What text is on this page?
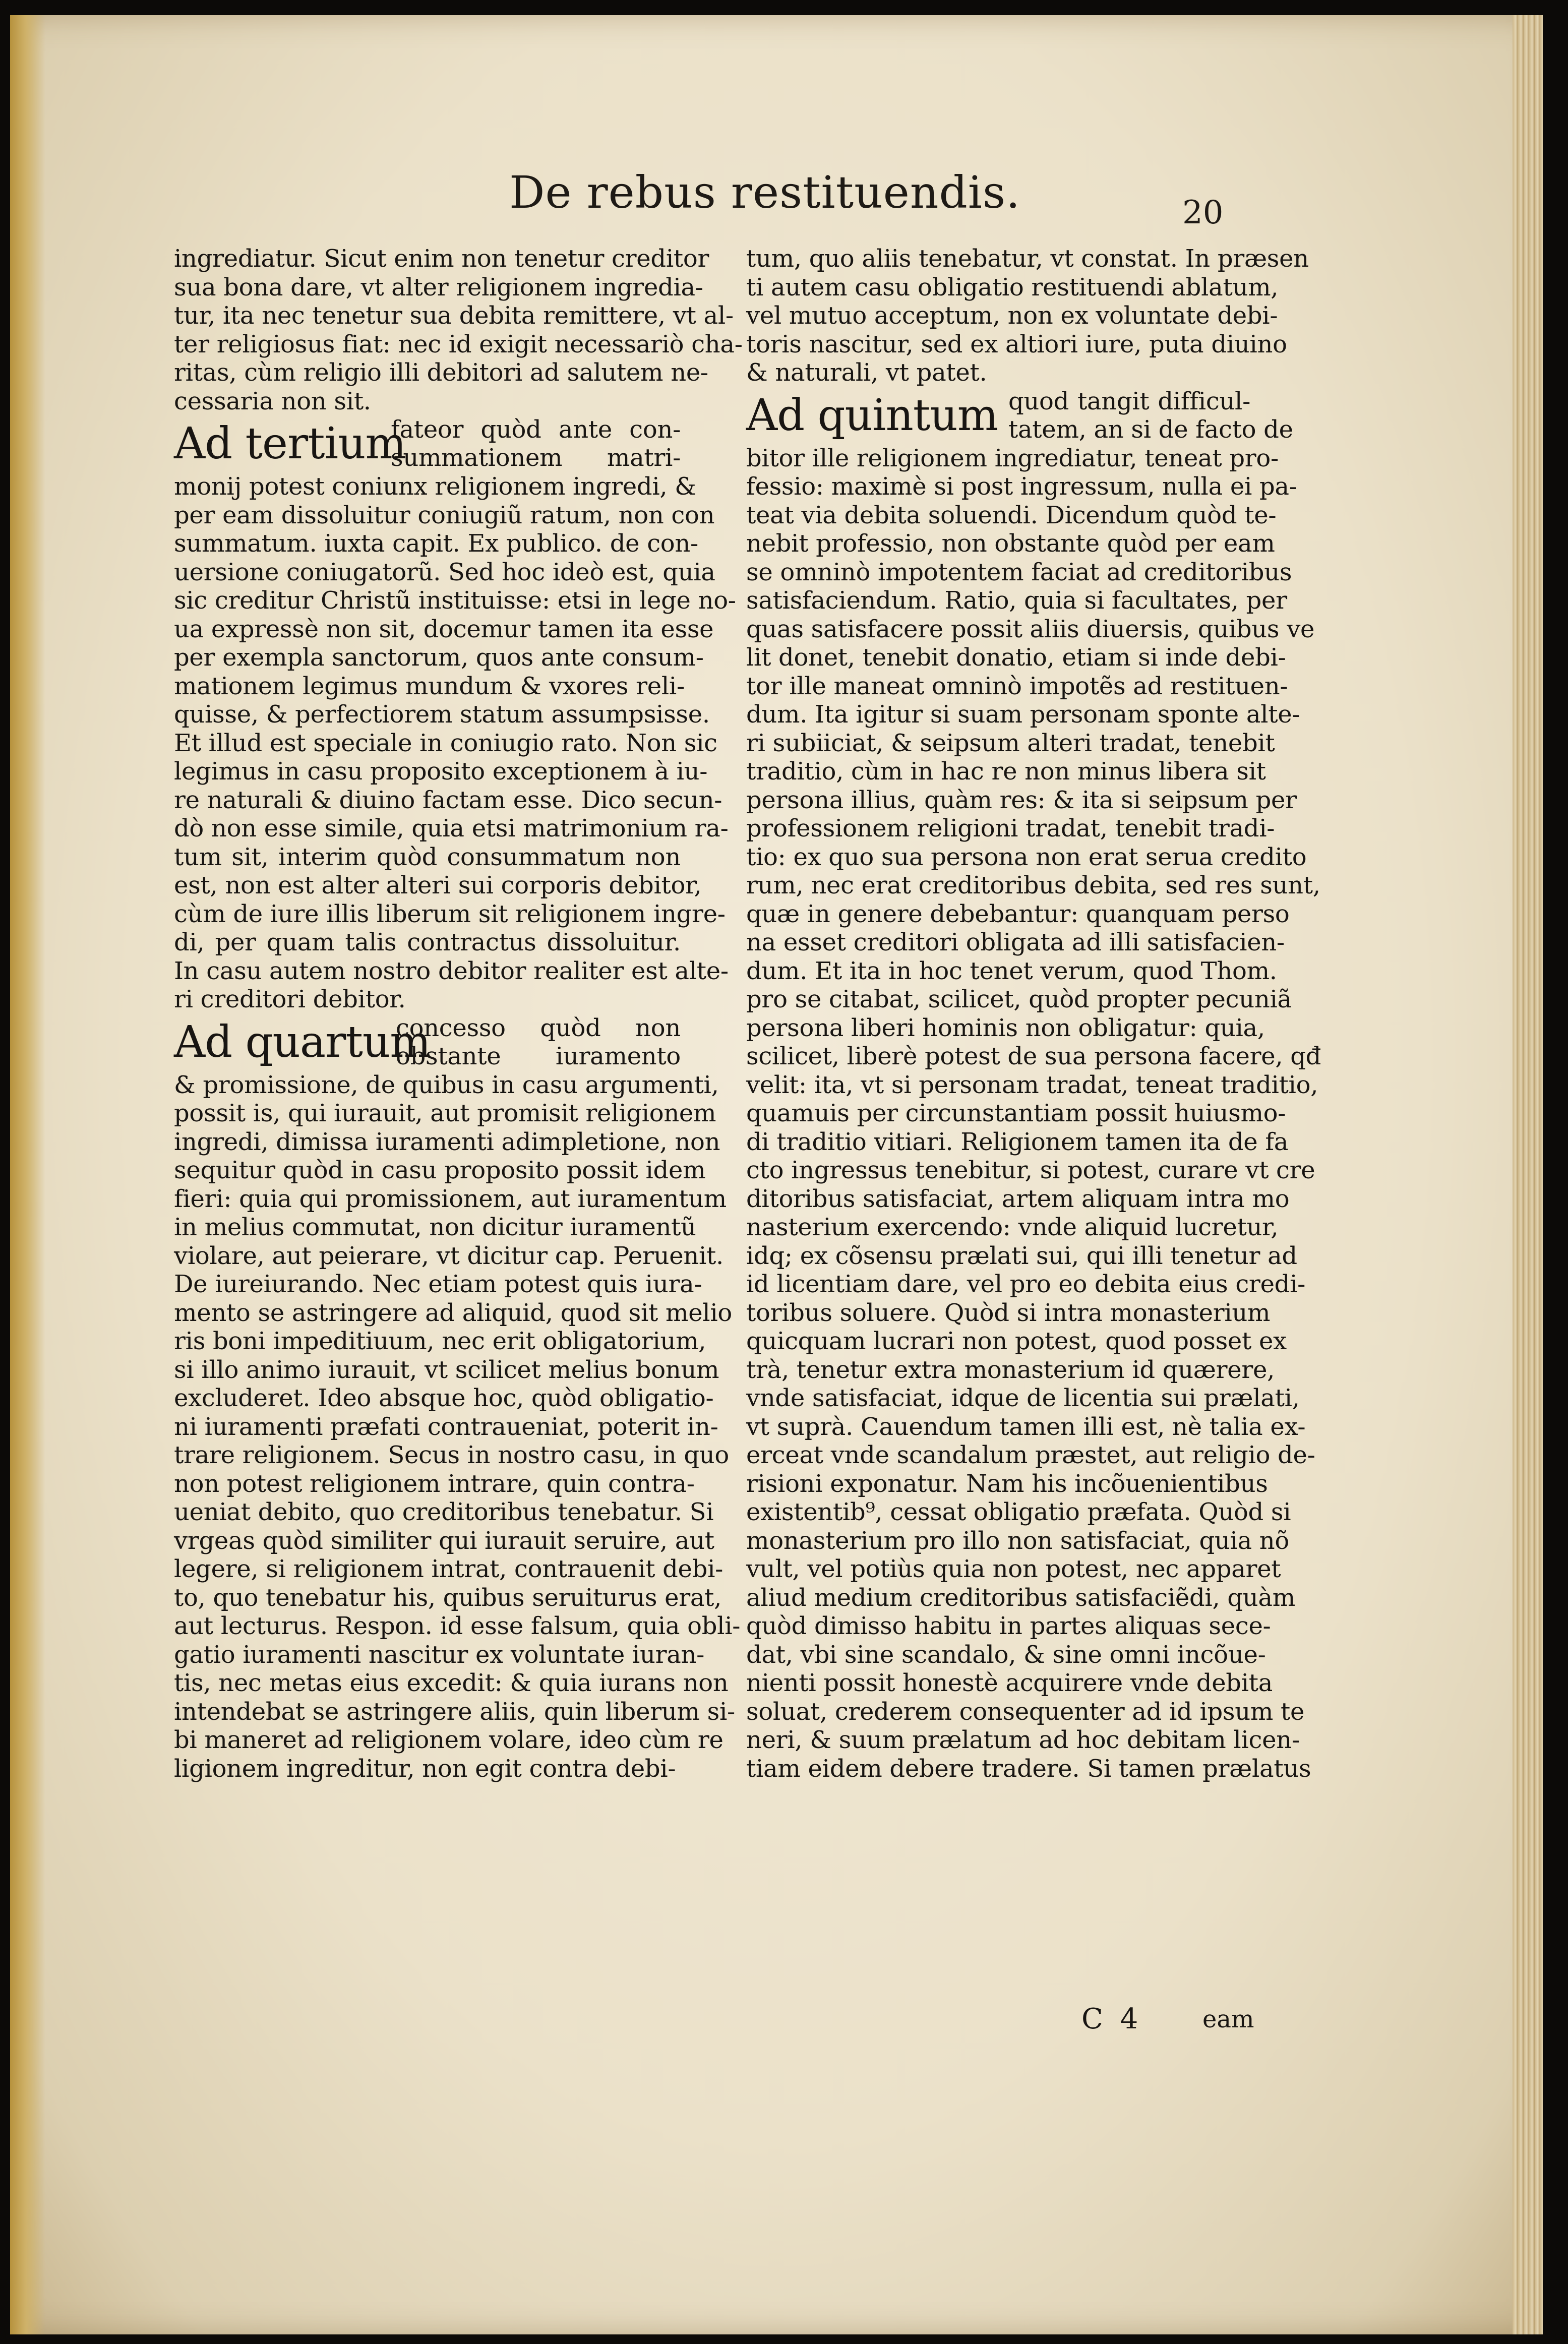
De rebus restituendis.	20
ingrediatur. Sicut enim non tenetur creditor
sua bona dare, vt alter religionem ingredia-
tur, ita nec tenetur sua debita remittere, vt al-
ter religiosus fiat: nec id exigit necessariò cha-
ritas, cùm religio illi debitori ad salutem ne-
cessaria non sit.
Ad tertium
fateor quòd ante con-
summationem matri-
monij potest coniunx religionem ingredi, &
per eam dissoluitur coniugiũ ratum, non con
summatum. iuxta capit. Ex publico. de con-
uersione coniugatorũ. Sed hoc ideò est, quia
sic creditur Christũ instituisse: etsi in lege no-
ua expressè non sit, docemur tamen ita esse
per exempla sanctorum, quos ante consum-
mationem legimus mundum & vxores reli-
quisse, & perfectiorem statum assumpsisse.
Et illud est speciale in coniugio rato. Non sic
legimus in casu proposito exceptionem à iu-
re naturali & diuino factam esse. Dico secun-
dò non esse simile, quia etsi matrimonium ra-
tum sit, interim quòd consummatum non
est, non est alter alteri sui corporis debitor,
cùm de iure illis liberum sit religionem ingre-
di, per quam talis contractus dissoluitur.
In casu autem nostro debitor realiter est alte-
ri creditori debitor.
Ad quartum
concesso quòd non
obstante iuramento
& promissione, de quibus in casu argumenti,
possit is, qui iurauit, aut promisit religionem
ingredi, dimissa iuramenti adimpletione, non
sequitur quòd in casu proposito possit idem
fieri: quia qui promissionem, aut iuramentum
in melius commutat, non dicitur iuramentũ
violare, aut peierare, vt dicitur cap. Peruenit.
De iureiurando. Nec etiam potest quis iura-
mento se astringere ad aliquid, quod sit melio
ris boni impeditiuum, nec erit obligatorium,
si illo animo iurauit, vt scilicet melius bonum
excluderet. Ideo absque hoc, quòd obligatio-
ni iuramenti præfati contraueniat, poterit in-
trare religionem. Secus in nostro casu, in quo
non potest religionem intrare, quin contra-
ueniat debito, quo creditoribus tenebatur. Si
vrgeas quòd similiter qui iurauit seruire, aut
legere, si religionem intrat, contrauenit debi-
to, quo tenebatur his, quibus seruiturus erat,
aut lecturus. Respon. id esse falsum, quia obli-
gatio iuramenti nascitur ex voluntate iuran-
tis, nec metas eius excedit: & quia iurans non
intendebat se astringere aliis, quin liberum si-
bi maneret ad religionem volare, ideo cùm re
ligionem ingreditur, non egit contra debi-
tum, quo aliis tenebatur, vt constat. In præsen
ti autem casu obligatio restituendi ablatum,
vel mutuo acceptum, non ex voluntate debi-
toris nascitur, sed ex altiori iure, puta diuino
& naturali, vt patet.
Ad quintum quod tangit difficul-
tatem, an si de facto de
bitor ille religionem ingrediatur, teneat pro-
fessio: maximè si post ingressum, nulla ei pa-
teat via debita soluendi. Dicendum quòd te-
nebit professio, non obstante quòd per eam
se omninò impotentem faciat ad creditoribus
satisfaciendum. Ratio, quia si facultates, per
quas satisfacere possit aliis diuersis, quibus ve
lit donet, tenebit donatio, etiam si inde debi-
tor ille maneat omninò impotẽs ad restituen-
dum. Ita igitur si suam personam sponte alte-
ri subiiciat, & seipsum alteri tradat, tenebit
traditio, cùm in hac re non minus libera sit
persona illius, quàm res: & ita si seipsum per
professionem religioni tradat, tenebit tradi-
tio: ex quo sua persona non erat serua credito
rum, nec erat creditoribus debita, sed res sunt,
quæ in genere debebantur: quanquam perso
na esset creditori obligata ad illi satisfacien-
dum. Et ita in hoc tenet verum, quod Thom.
pro se citabat, scilicet, quòd propter pecuniã
persona liberi hominis non obligatur: quia,
scilicet, liberè potest de sua persona facere, qđ
velit: ita, vt si personam tradat, teneat traditio,
quamuis per circunstantiam possit huiusmo-
di traditio vitiari. Religionem tamen ita de fa
cto ingressus tenebitur, si potest, curare vt cre
ditoribus satisfaciat, artem aliquam intra mo
nasterium exercendo: vnde aliquid lucretur,
idq; ex cõsensu prælati sui, qui illi tenetur ad
id licentiam dare, vel pro eo debita eius credi-
toribus soluere. Quòd si intra monasterium
quicquam lucrari non potest, quod posset ex
trà, tenetur extra monasterium id quærere,
vnde satisfaciat, idque de licentia sui prælati,
vt suprà. Cauendum tamen illi est, nè talia ex-
erceat vnde scandalum præstet, aut religio de-
risioni exponatur. Nam his incõuenientibus
existentib⁹, cessat obligatio præfata. Quòd si
monasterium pro illo non satisfaciat, quia nõ
vult, vel potiùs quia non potest, nec apparet
aliud medium creditoribus satisfaciẽdi, quàm
quòd dimisso habitu in partes aliquas sece-
dat, vbi sine scandalo, & sine omni incõue-
nienti possit honestè acquirere vnde debita
soluat, crederem consequenter ad id ipsum te
neri, & suum prælatum ad hoc debitam licen-
tiam eidem debere tradere. Si tamen prælatus
C 4 eam
